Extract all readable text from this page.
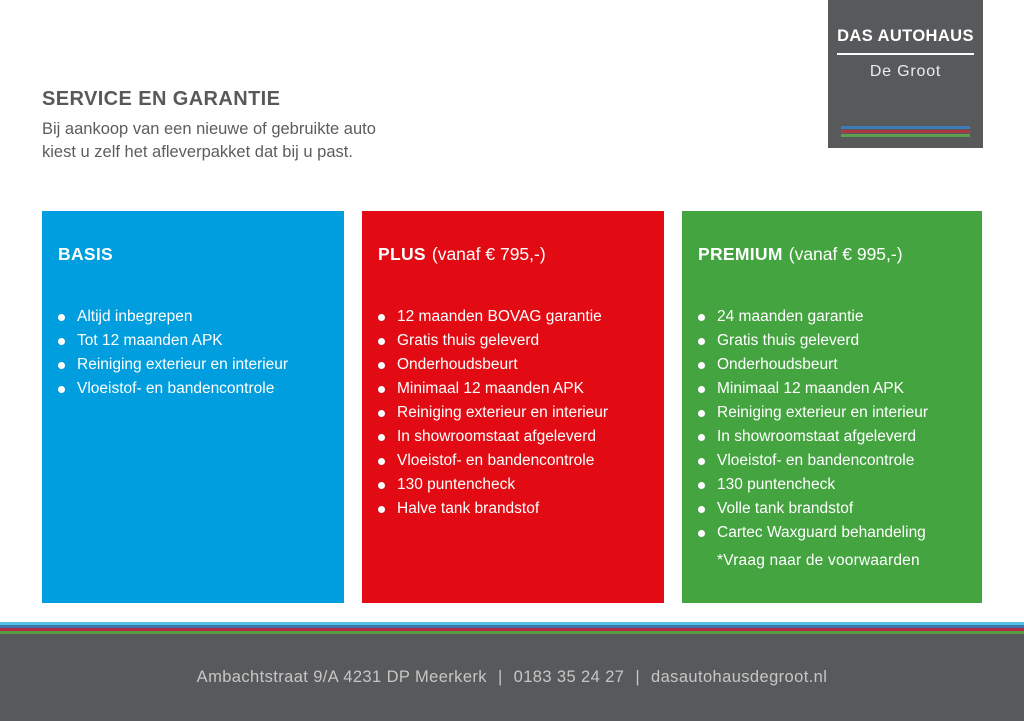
DAS AUTOHAUS
De Groot
SERVICE EN GARANTIE
Bij aankoop van een nieuwe of gebruikte auto kiest u zelf het afleverpakket dat bij u past.
BASIS
Altijd inbegrepen
Tot 12 maanden APK
Reiniging exterieur en interieur
Vloeistof- en bandencontrole
PLUS (vanaf € 795,-)
12 maanden BOVAG garantie
Gratis thuis geleverd
Onderhoudsbeurt
Minimaal 12 maanden APK
Reiniging exterieur en interieur
In showroomstaat afgeleverd
Vloeistof- en bandencontrole
130 puntencheck
Halve tank brandstof
PREMIUM (vanaf € 995,-)
24 maanden garantie
Gratis thuis geleverd
Onderhoudsbeurt
Minimaal 12 maanden APK
Reiniging exterieur en interieur
In showroomstaat afgeleverd
Vloeistof- en bandencontrole
130 puntencheck
Volle tank brandstof
Cartec Waxguard behandeling
*Vraag naar de voorwaarden
Ambachtstraat 9/A 4231 DP Meerkerk | 0183 35 24 27 | dasautohausdegroot.nl
